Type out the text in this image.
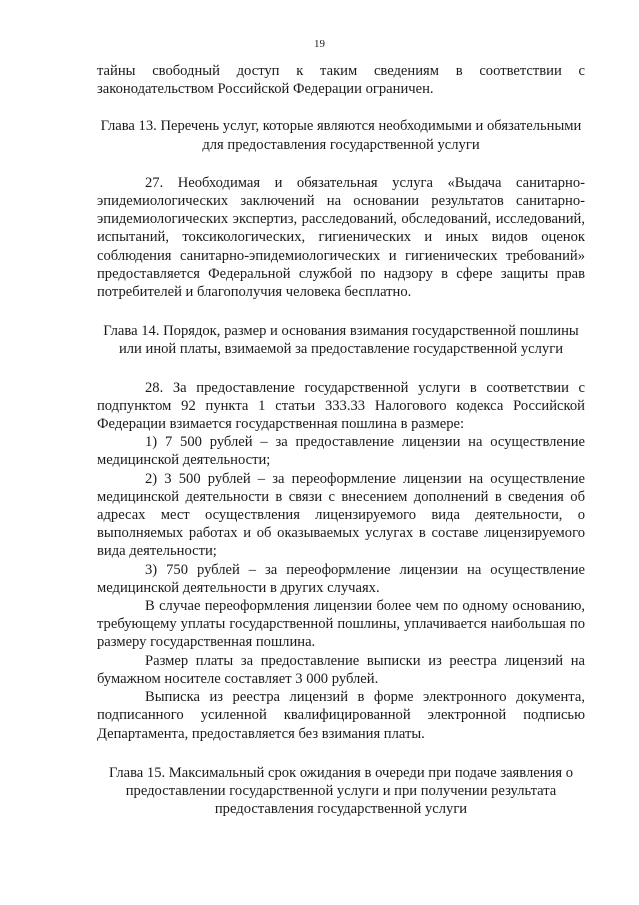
19

тайны свободный доступ к таким сведениям в соответствии с законодательством Российской Федерации ограничен.

Глава 13. Перечень услуг, которые являются необходимыми и обязательными для предоставления государственной услуги

27. Необходимая и обязательная услуга «Выдача санитарно-эпидемиологических заключений на основании результатов санитарно-эпидемиологических экспертиз, расследований, обследований, исследований, испытаний, токсикологических, гигиенических и иных видов оценок соблюдения санитарно-эпидемиологических и гигиенических требований» предоставляется Федеральной службой по надзору в сфере защиты прав потребителей и благополучия человека бесплатно.

Глава 14. Порядок, размер и основания взимания государственной пошлины или иной платы, взимаемой за предоставление государственной услуги

28. За предоставление государственной услуги в соответствии с подпунктом 92 пункта 1 статьи 333.33 Налогового кодекса Российской Федерации взимается государственная пошлина в размере:

1) 7 500 рублей – за предоставление лицензии на осуществление медицинской деятельности;

2) 3 500 рублей – за переоформление лицензии на осуществление медицинской деятельности в связи с внесением дополнений в сведения об адресах мест осуществления лицензируемого вида деятельности, о выполняемых работах и об оказываемых услугах в составе лицензируемого вида деятельности;

3) 750 рублей – за переоформление лицензии на осуществление медицинской деятельности в других случаях.

В случае переоформления лицензии более чем по одному основанию, требующему уплаты государственной пошлины, уплачивается наибольшая по размеру государственная пошлина.

Размер платы за предоставление выписки из реестра лицензий на бумажном носителе составляет 3 000 рублей.

Выписка из реестра лицензий в форме электронного документа, подписанного усиленной квалифицированной электронной подписью Департамента, предоставляется без взимания платы.

Глава 15. Максимальный срок ожидания в очереди при подаче заявления о предоставлении государственной услуги и при получении результата предоставления государственной услуги
